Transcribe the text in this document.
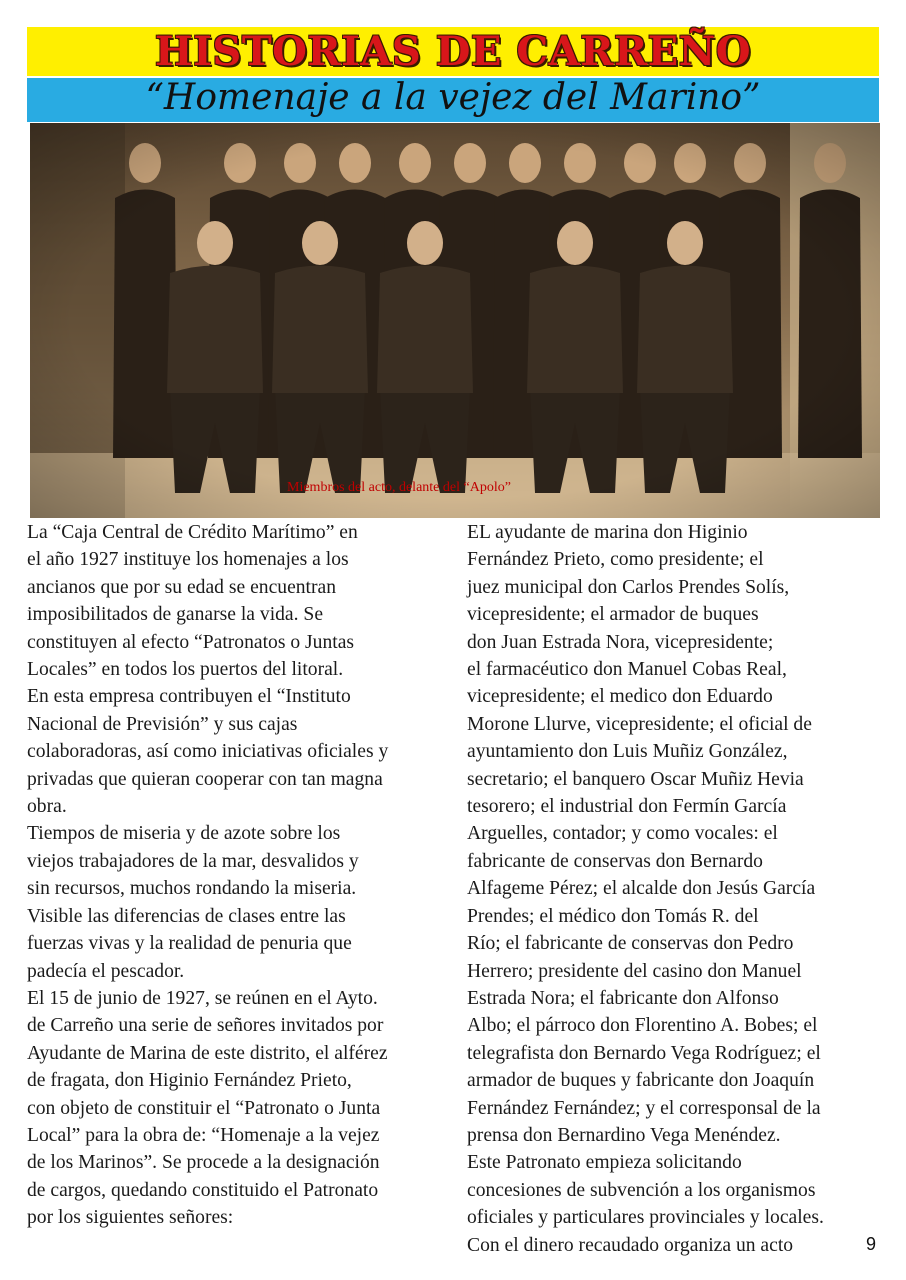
HISTORIAS DE CARREÑO
“Homenaje a la vejez del Marino”
Miembros del acto, delante del “Apolo”

La “Caja Central de Crédito Marítimo” en

el año 1927 instituye los homenajes a los

ancianos que por su edad se encuentran

imposibilitados de ganarse la vida. Se

constituyen al efecto “Patronatos o Juntas

Locales” en todos los puertos del litoral.

En esta empresa contribuyen el “Instituto

Nacional de Previsión” y sus cajas

colaboradoras, así como iniciativas oficiales y

privadas que quieran cooperar con tan magna

obra.

Tiempos de miseria y de azote sobre los

viejos trabajadores de la mar, desvalidos y

sin recursos, muchos rondando la miseria.

Visible las diferencias de clases entre las

fuerzas vivas y la realidad de penuria que

padecía el pescador.

El 15 de junio de 1927, se reúnen en el Ayto.

de Carreño una serie de señores invitados por

Ayudante de Marina de este distrito, el alférez

de fragata, don Higinio Fernández Prieto,

con objeto de constituir el “Patronato o Junta

Local” para la obra de: “Homenaje a la vejez

de los Marinos”. Se procede a la designación

de cargos, quedando constituido el Patronato

por los siguientes señores:

EL ayudante de marina don Higinio

Fernández Prieto, como presidente; el

juez municipal don Carlos Prendes Solís,

vicepresidente; el armador de buques

don Juan Estrada Nora, vicepresidente;

el farmacéutico don Manuel Cobas Real,

vicepresidente; el medico don Eduardo

Morone Llurve, vicepresidente; el oficial de

ayuntamiento don Luis Muñiz González,

secretario; el banquero Oscar Muñiz Hevia

tesorero; el industrial don Fermín García

Arguelles, contador; y como vocales: el

fabricante de conservas don Bernardo

Alfageme Pérez; el alcalde don Jesús García

Prendes; el médico don Tomás R. del

Río; el fabricante de conservas don Pedro

Herrero; presidente del casino don Manuel

Estrada Nora; el fabricante don Alfonso

Albo; el párroco don Florentino A. Bobes; el

telegrafista don Bernardo Vega Rodríguez; el

armador de buques y fabricante don Joaquín

Fernández Fernández; y el corresponsal de la

prensa don Bernardino Vega Menéndez.

Este Patronato empieza solicitando

concesiones de subvención a los organismos

oficiales y particulares provinciales y locales.

Con el dinero recaudado organiza un acto	9
